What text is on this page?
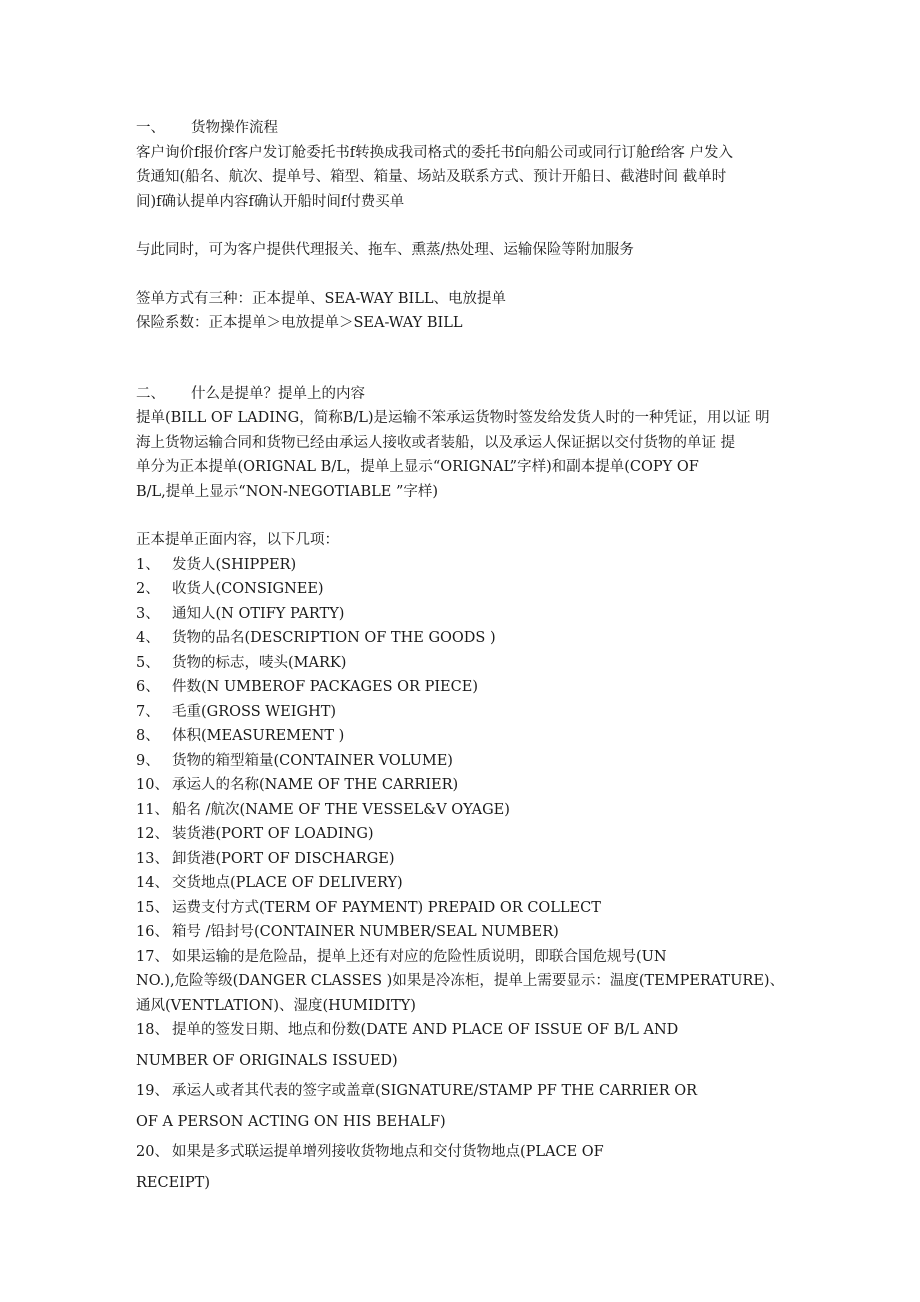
一、 货物操作流程
客户询价f报价f客户发订舱委托书f转换成我司格式的委托书f向船公司或同行订舱f给客 户发入
货通知(船名、航次、提单号、箱型、箱量、场站及联系方式、预计开船日、截港时间 截单时
间)f确认提单内容f确认开船时间f付费买单
与此同时，可为客户提供代理报关、拖车、熏蒸/热处理、运输保险等附加服务
签单方式有三种：正本提单、SEA-WAY BILL、电放提单
保险系数：正本提单＞电放提单＞SEA-WAY BILL
二、 什么是提单？提单上的内容
提单(BILL OF LADING，简称B/L)是运输不笨承运货物时签发给发货人时的一种凭证，用以证 明
海上货物运输合同和货物已经由承运人接收或者装船，以及承运人保证据以交付货物的单证 提
单分为正本提单(ORIGNAL B/L，提单上显示“ORIGNAL”字样)和副本提单(COPY OF
B/L,提单上显示“NON-NEGOTIABLE ”字样)
正本提单正面内容，以下几项：
1、 发货人(SHIPPER)
2、 收货人(CONSIGNEE)
3、 通知人(N OTIFY PARTY)
4、 货物的品名(DESCRIPTION OF THE GOODS )
5、 货物的标志，唛头(MARK)
6、 件数(N UMBEROF PACKAGES OR PIECE)
7、 毛重(GROSS WEIGHT)
8、 体积(MEASUREMENT )
9、 货物的箱型箱量(CONTAINER VOLUME)
10、 承运人的名称(NAME OF THE CARRIER)
11、 船名 /航次(NAME OF THE VESSEL&V OYAGE)
12、 装货港(PORT OF LOADING)
13、 卸货港(PORT OF DISCHARGE)
14、 交货地点(PLACE OF DELIVERY)
15、 运费支付方式(TERM OF PAYMENT) PREPAID OR COLLECT
16、 箱号 /铅封号(CONTAINER NUMBER/SEAL NUMBER)
17、 如果运输的是危险品，提单上还有对应的危险性质说明，即联合国危规号(UN
NO.),危险等级(DANGER CLASSES )如果是冷冻柜，提单上需要显示：温度(TEMPERATURE)、
通风(VENTLATION)、湿度(HUMIDITY)
18、 提单的签发日期、地点和份数(DATE AND PLACE OF ISSUE OF B/L AND
NUMBER OF ORIGINALS ISSUED)
19、 承运人或者其代表的签字或盖章(SIGNATURE/STAMP PF THE CARRIER OR
OF A PERSON ACTING ON HIS BEHALF)
20、 如果是多式联运提单增列接收货物地点和交付货物地点(PLACE OF
RECEIPT)
